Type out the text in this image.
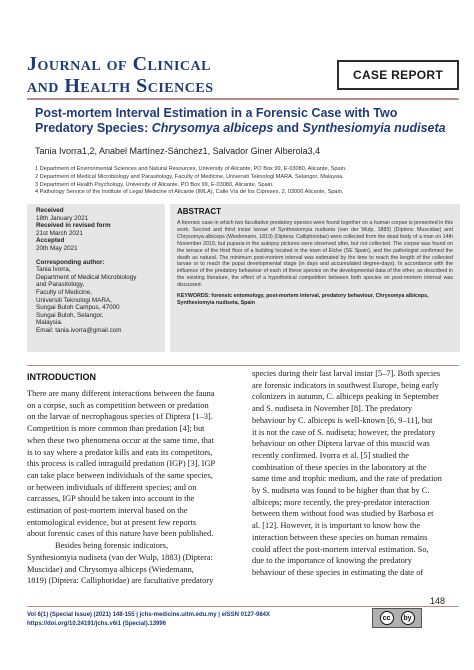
Journal of Clinical
and Health Sciences	CASE REPORT
Post-mortem Interval Estimation in a Forensic Case with Two Predatory Species: Chrysomya albiceps and Synthesiomyia nudiseta
Tania Ivorra1,2, Anabel Martínez-Sánchez1, Salvador Giner Alberola3,4
1 Department of Environmental Sciences and Natural Resources, University of Alicante, PO Box 99, E-03080, Alicante, Spain.
2 Department of Medical Microbiology and Parasitology, Faculty of Medicine, Universiti Teknologi MARA, Selangor, Malaysia.
3 Department of Health Psychology, University of Alicante. PO Box 99, E-03080, Alicante, Spain.
4 Pathology Service of the Institute of Legal Medicine of Alicante (IMLA), Calle Vía de los Cipreses, 2, 03006 Alicante, Spain.
Received
18th January 2021
Received in revised form
21st March 2021
Accepted
20th May 2021
Corresponding author:
Tania Ivorra,
Department of Medical Microbiology
and Parasitology,
Faculty of Medicine,
Universiti Teknologi MARA,
Sungai Buloh Campus, 47000
Sungai Buloh, Selangor,
Malaysia.
Email: tania.ivorra@gmail.com
ABSTRACT
A forensic case in which two facultative predatory species were found together on a human corpse is presented in this work. Second and third instar larvae of Synthesiomyia nudiseta (van der Wulp, 1883) (Diptera: Muscidae) and Chrysomya albiceps (Wiedemann, 1819) (Diptera: Calliphoridae) were collected from the dead body of a man on 14th November 2019, but puparia in the autopsy pictures were observed after, but not collected. The corpse was found on the terrace of the third floor of a building located in the town of Elche (SE Spain), and the pathologist confirmed the death as natural. The minimum post-mortem interval was estimated by the time to reach the length of the collected larvae or to reach the pupal developmental stage (in days and accumulated degree-days). In accordance with the influence of the predatory behaviour of each of these species on the developmental data of the other, as described in the existing literature, the effect of a hypothetical competition between both species on post-mortem interval was discussed.
KEYWORDS: forensic entomology, post-mortem interval, predatory behaviour, Chrysomya albiceps, Synthesiomyia nudiseta, Spain
INTRODUCTION
There are many different interactions between the fauna
on a corpse, such as competition between or predation
on the larvae of necrophagous species of Diptera [1–3].
Competition is more common than predation [4]; but
when these two phenomena occur at the same time, that
is to say where a predator kills and eats its competitors,
this process is called intraguild predation (IGP) [3]. IGP
can take place between individuals of the same species,
or between individuals of different species; and on
carcasses, IGP should be taken into account in the
estimation of post-mortem interval based on the
entomological evidence, but at present few reports
about forensic cases of this nature have been published.
Besides being forensic indicators,
Synthesiomyia nudiseta (van der Wulp, 1883) (Diptera:
Muscidae) and Chrysomya albiceps (Wiedemann,
1819) (Diptera: Calliphoridae) are facultative predatory
species during their last larval instar [5–7]. Both species
are forensic indicators in southwest Europe, being early
colonizers in autumn, C. albiceps peaking in September
and S. nudiseta in November [8]. The predatory
behaviour by C. albiceps is well-known [6, 9–11], but
it is not the case of S. nudiseta; however, the predatory
behaviour on other Diptera larvae of this muscid was
recently confirmed. Ivorra et al. [5] studied the
combination of these species in the laboratory at the
same time and trophic medium, and the rate of predation
by S. nudiseta was found to be higher than that by C.
albiceps; more recently, the prey-predator interaction
between them without food was studied by Barbosa et
al. [12]. However, it is important to know how the
interaction between these species on human remains
could affect the post-mortem interval estimation. So,
due to the importance of knowing the predatory
behaviour of these species in estimating the date of
148
Vol 6(1) (Special Issue) (2021) 148-155 | jchs-medicine.uitm.edu.my | eISSN 0127-984X
https://doi.org/10.24191/jchs.v6i1 (Special).13996
cc	by
